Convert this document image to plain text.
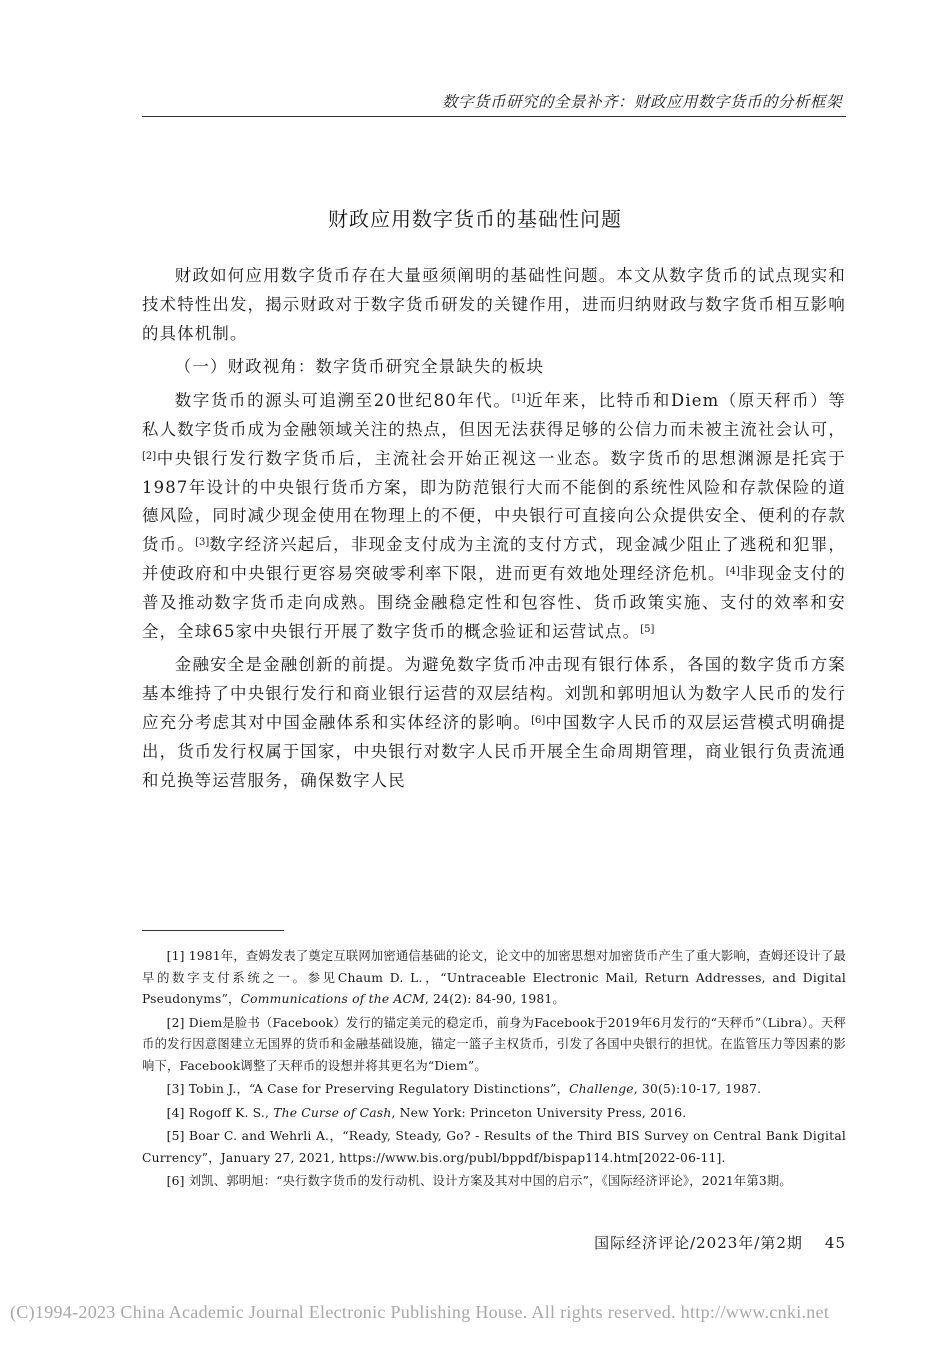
数字货币研究的全景补齐：财政应用数字货币的分析框架
财政应用数字货币的基础性问题

财政如何应用数字货币存在大量亟须阐明的基础性问题。本文从数字货币的试点现实和技术特性出发，揭示财政对于数字货币研发的关键作用，进而归纳财政与数字货币相互影响的具体机制。

（一）财政视角：数字货币研究全景缺失的板块

数字货币的源头可追溯至20世纪80年代。[1]近年来，比特币和Diem（原天秤币）等私人数字货币成为金融领域关注的热点，但因无法获得足够的公信力而未被主流社会认可，[2]中央银行发行数字货币后，主流社会开始正视这一业态。数字货币的思想渊源是托宾于1987年设计的中央银行货币方案，即为防范银行大而不能倒的系统性风险和存款保险的道德风险，同时减少现金使用在物理上的不便，中央银行可直接向公众提供安全、便利的存款货币。[3]数字经济兴起后，非现金支付成为主流的支付方式，现金减少阻止了逃税和犯罪，并使政府和中央银行更容易突破零利率下限，进而更有效地处理经济危机。[4]非现金支付的普及推动数字货币走向成熟。围绕金融稳定性和包容性、货币政策实施、支付的效率和安全，全球65家中央银行开展了数字货币的概念验证和运营试点。[5]

金融安全是金融创新的前提。为避免数字货币冲击现有银行体系，各国的数字货币方案基本维持了中央银行发行和商业银行运营的双层结构。刘凯和郭明旭认为数字人民币的发行应充分考虑其对中国金融体系和实体经济的影响。[6]中国数字人民币的双层运营模式明确提出，货币发行权属于国家，中央银行对数字人民币开展全生命周期管理，商业银行负责流通和兑换等运营服务，确保数字人民

[1] 1981年，查姆发表了奠定互联网加密通信基础的论文，论文中的加密思想对加密货币产生了重大影响，查姆还设计了最早的数字支付系统之一。参见Chaum D. L.，“Untraceable Electronic Mail, Return Addresses, and Digital Pseudonyms”，Communications of the ACM, 24(2): 84-90, 1981。

[2] Diem是脸书（Facebook）发行的锚定美元的稳定币，前身为Facebook于2019年6月发行的“天秤币”（Libra）。天秤币的发行因意图建立无国界的货币和金融基础设施，锚定一篮子主权货币，引发了各国中央银行的担忧。在监管压力等因素的影响下，Facebook调整了天秤币的设想并将其更名为“Diem”。

[3] Tobin J.，“A Case for Preserving Regulatory Distinctions”，Challenge, 30(5):10-17, 1987.

[4] Rogoff K. S., The Curse of Cash, New York: Princeton University Press, 2016.

[5] Boar C. and Wehrli A.，“Ready, Steady, Go? - Results of the Third BIS Survey on Central Bank Digital Currency”，January 27, 2021, https://www.bis.org/publ/bppdf/bispap114.htm[2022-06-11].

[6] 刘凯、郭明旭：“央行数字货币的发行动机、设计方案及其对中国的启示”，《国际经济评论》，2021年第3期。

国际经济评论/2023年/第2期 45
(C)1994-2023 China Academic Journal Electronic Publishing House. All rights reserved. http://www.cnki.net
